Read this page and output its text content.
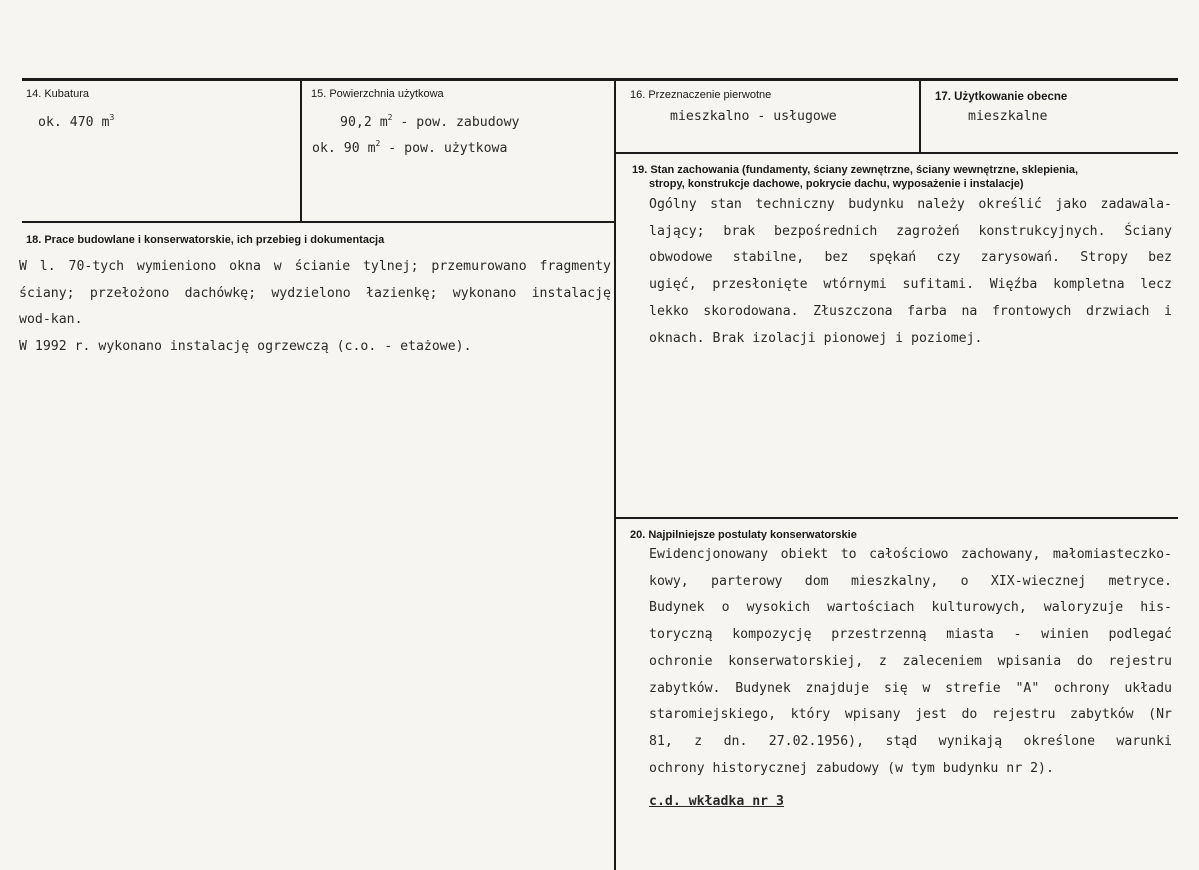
14. Kubatura
ok. 470 $m^3$
15. Powierzchnia użytkowa
90,2 $m^2$ - pow. zabudowy
ok. 90 $m^2$ - pow. użytkowa
16. Przeznaczenie pierwotne
mieszkalno - usługowe
17. Użytkowanie obecne
mieszkalne
18. Prace budowlane i konserwatorskie, ich przebieg i dokumentacja
W l. 70-tych wymieniono okna w ścianie tylnej; przemurowano fragmenty
ściany; przełożono dachówkę; wydzielono łazienkę; wykonano instalację
wod-kan.
W 1992 r. wykonano instalację ogrzewczą (c.o. - etażowe).
19. Stan zachowania (fundamenty, ściany zewnętrzne, ściany wewnętrzne, sklepienia,
stropy, konstrukcje dachowe, pokrycie dachu, wyposażenie i instalacje)
Ogólny stan techniczny budynku należy określić jako zadawala-
lający; brak bezpośrednich zagrożeń konstrukcyjnych. Ściany
obwodowe stabilne, bez spękań czy zarysowań. Stropy bez
ugięć, przesłonięte wtórnymi sufitami. Więźba kompletna lecz
lekko skorodowana. Złuszczona farba na frontowych drzwiach i
oknach. Brak izolacji pionowej i poziomej.
20. Najpilniejsze postulaty konserwatorskie
Ewidencjonowany obiekt to całościowo zachowany, małomiasteczko-
kowy, parterowy dom mieszkalny, o XIX-wiecznej metryce.
Budynek o wysokich wartościach kulturowych, waloryzuje his-
toryczną kompozycję przestrzenną miasta - winien podlegać
ochronie konserwatorskiej, z zaleceniem wpisania do rejestru
zabytków. Budynek znajduje się w strefie "A" ochrony układu
staromiejskiego, który wpisany jest do rejestru zabytków (Nr
81, z dn. 27.02.1956), stąd wynikają określone warunki
ochrony historycznej zabudowy (w tym budynku nr 2).
c.d. wkładka nr 3
